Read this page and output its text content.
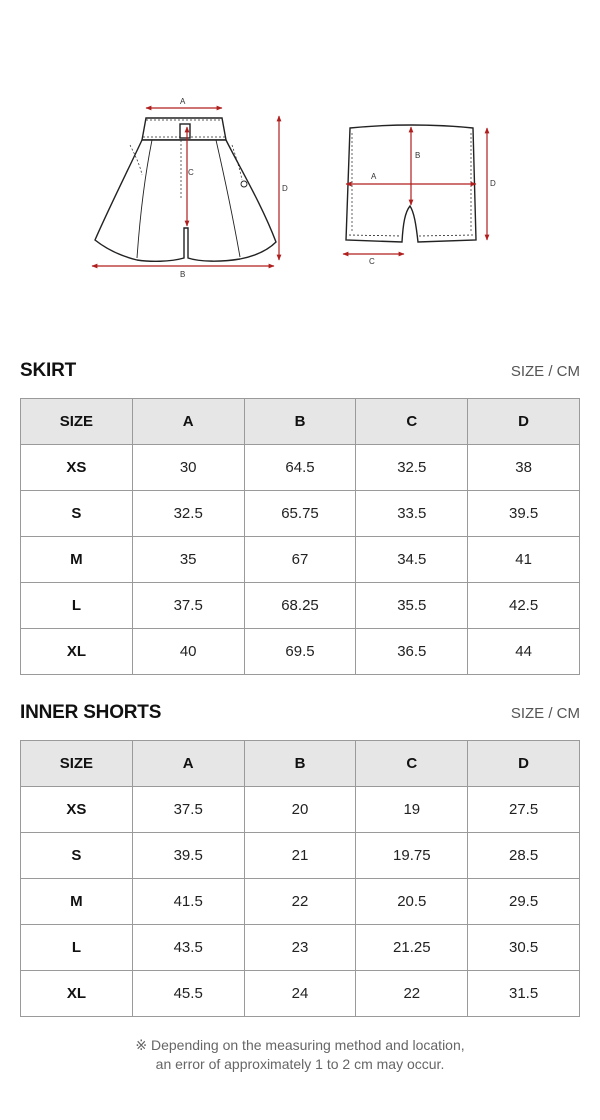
A
C
D
B
B
A
D
C
SKIRT	SIZE / CM
SIZE	A	B	C	D
XS	30	64.5	32.5	38
S	32.5	65.75	33.5	39.5
M	35	67	34.5	41
L	37.5	68.25	35.5	42.5
XL	40	69.5	36.5	44
INNER SHORTS	SIZE / CM
SIZE	A	B	C	D
XS	37.5	20	19	27.5
S	39.5	21	19.75	28.5
M	41.5	22	20.5	29.5
L	43.5	23	21.25	30.5
XL	45.5	24	22	31.5
※ Depending on the measuring method and location,
an error of approximately 1 to 2 cm may occur.
